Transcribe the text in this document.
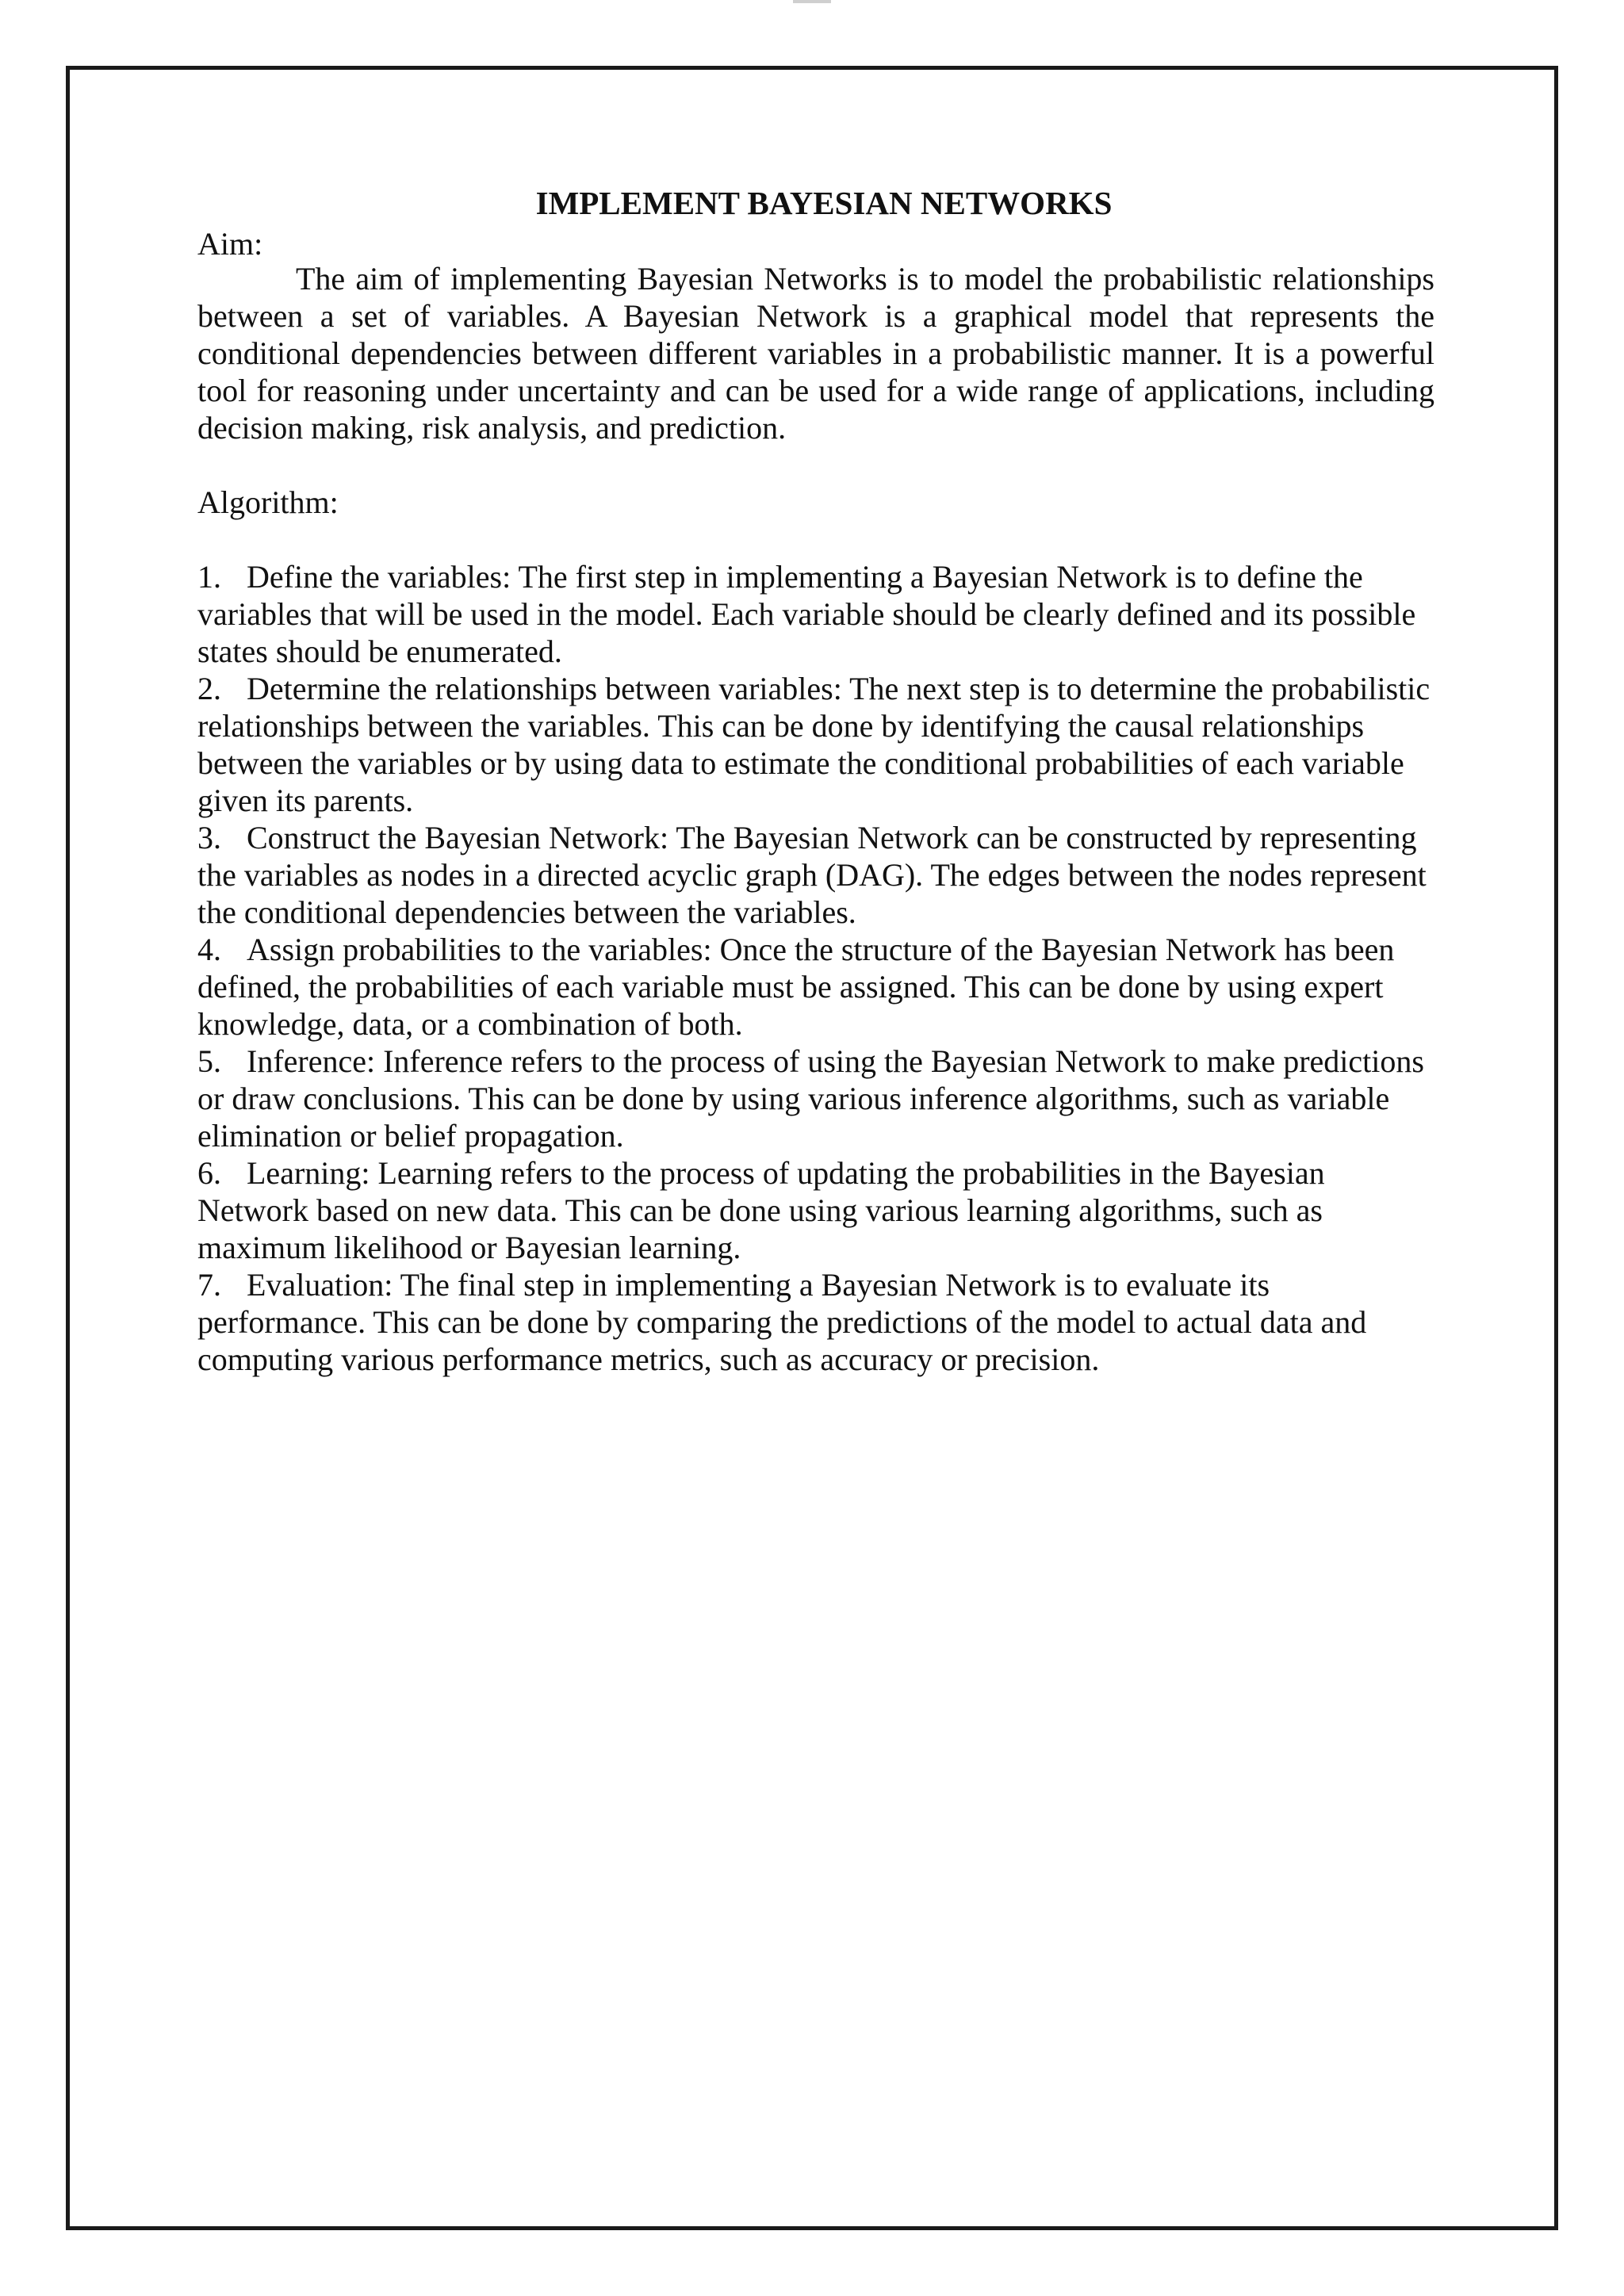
IMPLEMENT BAYESIAN NETWORKS

Aim:

The aim of implementing Bayesian Networks is to model the probabilistic relationships between a set of variables. A Bayesian Network is a graphical model that represents the conditional dependencies between different variables in a probabilistic manner. It is a powerful tool for reasoning under uncertainty and can be used for a wide range of applications, including decision making, risk analysis, and prediction.

Algorithm:

1. Define the variables: The first step in implementing a Bayesian Network is to define the variables that will be used in the model. Each variable should be clearly defined and its possible states should be enumerated.
2. Determine the relationships between variables: The next step is to determine the probabilistic relationships between the variables. This can be done by identifying the causal relationships between the variables or by using data to estimate the conditional probabilities of each variable given its parents.
3. Construct the Bayesian Network: The Bayesian Network can be constructed by representing the variables as nodes in a directed acyclic graph (DAG). The edges between the nodes represent the conditional dependencies between the variables.
4. Assign probabilities to the variables: Once the structure of the Bayesian Network has been defined, the probabilities of each variable must be assigned. This can be done by using expert knowledge, data, or a combination of both.
5. Inference: Inference refers to the process of using the Bayesian Network to make predictions or draw conclusions. This can be done by using various inference algorithms, such as variable elimination or belief propagation.
6. Learning: Learning refers to the process of updating the probabilities in the Bayesian Network based on new data. This can be done using various learning algorithms, such as maximum likelihood or Bayesian learning.
7. Evaluation: The final step in implementing a Bayesian Network is to evaluate its performance. This can be done by comparing the predictions of the model to actual data and computing various performance metrics, such as accuracy or precision.
